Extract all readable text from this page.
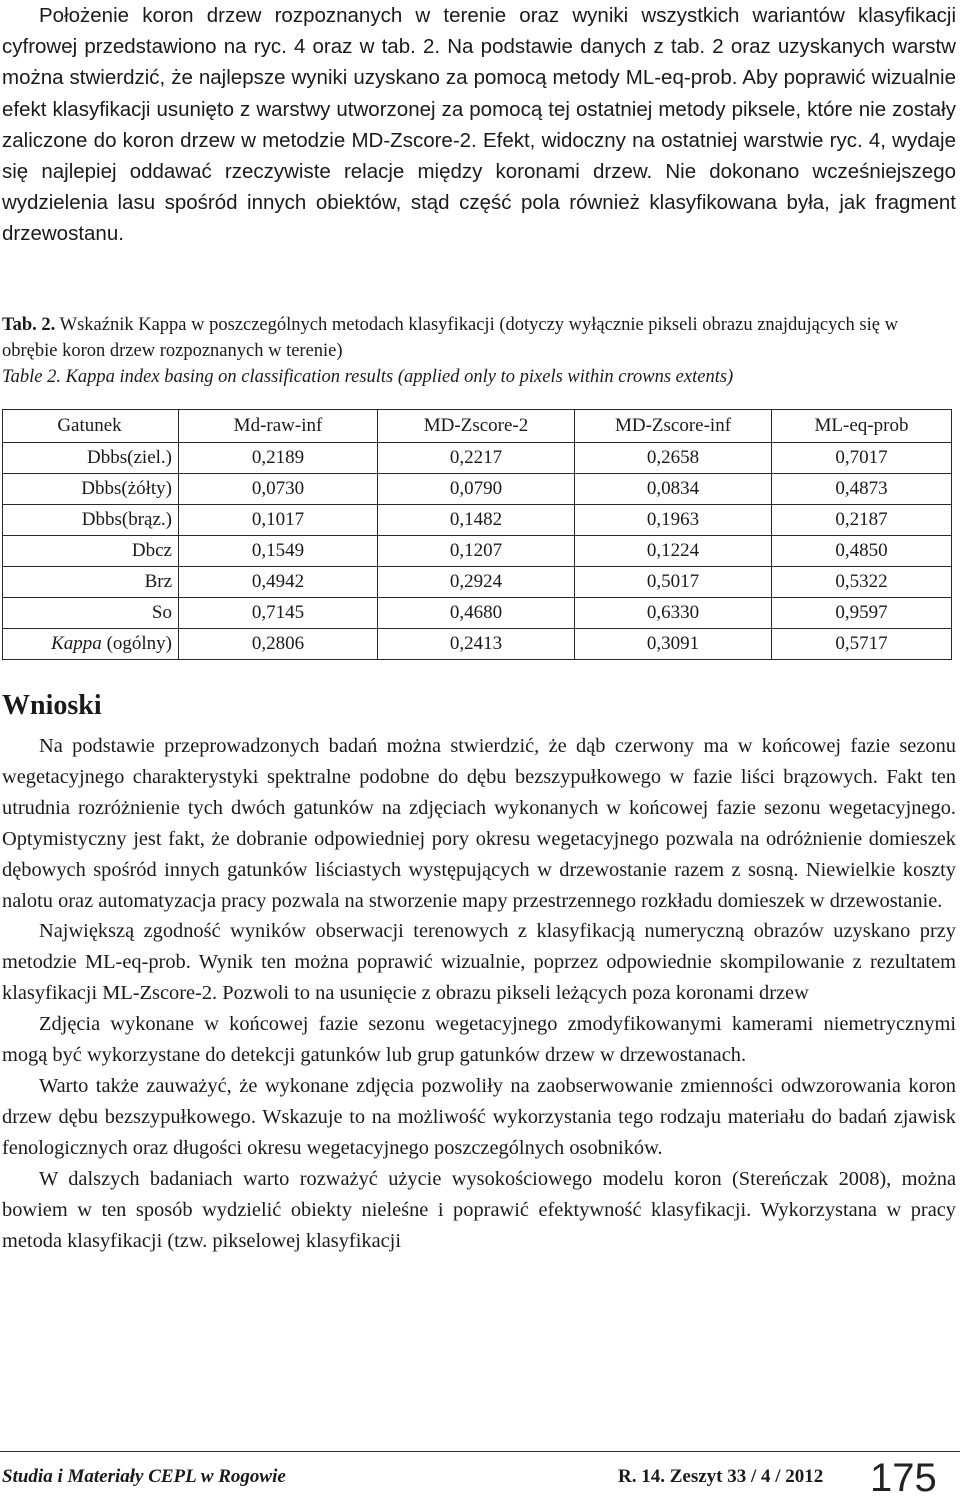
Położenie koron drzew rozpoznanych w terenie oraz wyniki wszystkich wariantów klasyfikacji cyfrowej przedstawiono na ryc. 4 oraz w tab. 2. Na podstawie danych z tab. 2 oraz uzyskanych warstw można stwierdzić, że najlepsze wyniki uzyskano za pomocą metody ML-eq-prob. Aby poprawić wizualnie efekt klasyfikacji usunięto z warstwy utworzonej za pomocą tej ostatniej metody piksele, które nie zostały zaliczone do koron drzew w metodzie MD-Zscore-2. Efekt, widoczny na ostatniej warstwie ryc. 4, wydaje się najlepiej oddawać rzeczywiste relacje między koronami drzew. Nie dokonano wcześniejszego wydzielenia lasu spośród innych obiektów, stąd część pola również klasyfikowana była, jak fragment drzewostanu.

Tab. 2. Wskaźnik Kappa w poszczególnych metodach klasyfikacji (dotyczy wyłącznie pikseli obrazu znajdujących się w obrębie koron drzew rozpoznanych w terenie)
Table 2. Kappa index basing on classification results (applied only to pixels within crowns extents)
Gatunek	Md-raw-inf	MD-Zscore-2	MD-Zscore-inf	ML-eq-prob
Dbbs(ziel.)	0,2189	0,2217	0,2658	0,7017
Dbbs(żółty)	0,0730	0,0790	0,0834	0,4873
Dbbs(brąz.)	0,1017	0,1482	0,1963	0,2187
Dbcz	0,1549	0,1207	0,1224	0,4850
Brz	0,4942	0,2924	0,5017	0,5322
So	0,7145	0,4680	0,6330	0,9597
Kappa (ogólny)	0,2806	0,2413	0,3091	0,5717
Wnioski

Na podstawie przeprowadzonych badań można stwierdzić, że dąb czerwony ma w końcowej fazie sezonu wegetacyjnego charakterystyki spektralne podobne do dębu bezszypułkowego w fazie liści brązowych. Fakt ten utrudnia rozróżnienie tych dwóch gatunków na zdjęciach wykonanych w końcowej fazie sezonu wegetacyjnego. Optymistyczny jest fakt, że dobranie odpowiedniej pory okresu wegetacyjnego pozwala na odróżnienie domieszek dębowych spośród innych gatunków liściastych występujących w drzewostanie razem z sosną. Niewielkie koszty nalotu oraz automatyzacja pracy pozwala na stworzenie mapy przestrzennego rozkładu domieszek w drzewostanie.

Największą zgodność wyników obserwacji terenowych z klasyfikacją numeryczną obrazów uzyskano przy metodzie ML-eq-prob. Wynik ten można poprawić wizualnie, poprzez odpowiednie skompilowanie z rezultatem klasyfikacji ML-Zscore-2. Pozwoli to na usunięcie z obrazu pikseli leżących poza koronami drzew

Zdjęcia wykonane w końcowej fazie sezonu wegetacyjnego zmodyfikowanymi kamerami niemetrycznymi mogą być wykorzystane do detekcji gatunków lub grup gatunków drzew w drzewostanach.

Warto także zauważyć, że wykonane zdjęcia pozwoliły na zaobserwowanie zmienności odwzorowania koron drzew dębu bezszypułkowego. Wskazuje to na możliwość wykorzystania tego rodzaju materiału do badań zjawisk fenologicznych oraz długości okresu wegetacyjnego poszczególnych osobników.

W dalszych badaniach warto rozważyć użycie wysokościowego modelu koron (Stereńczak 2008), można bowiem w ten sposób wydzielić obiekty nieleśne i poprawić efektywność klasyfikacji. Wykorzystana w pracy metoda klasyfikacji (tzw. pikselowej klasyfikacji

Studia i Materiały CEPL w Rogowie	R. 14. Zeszyt 33 / 4 / 2012 175
